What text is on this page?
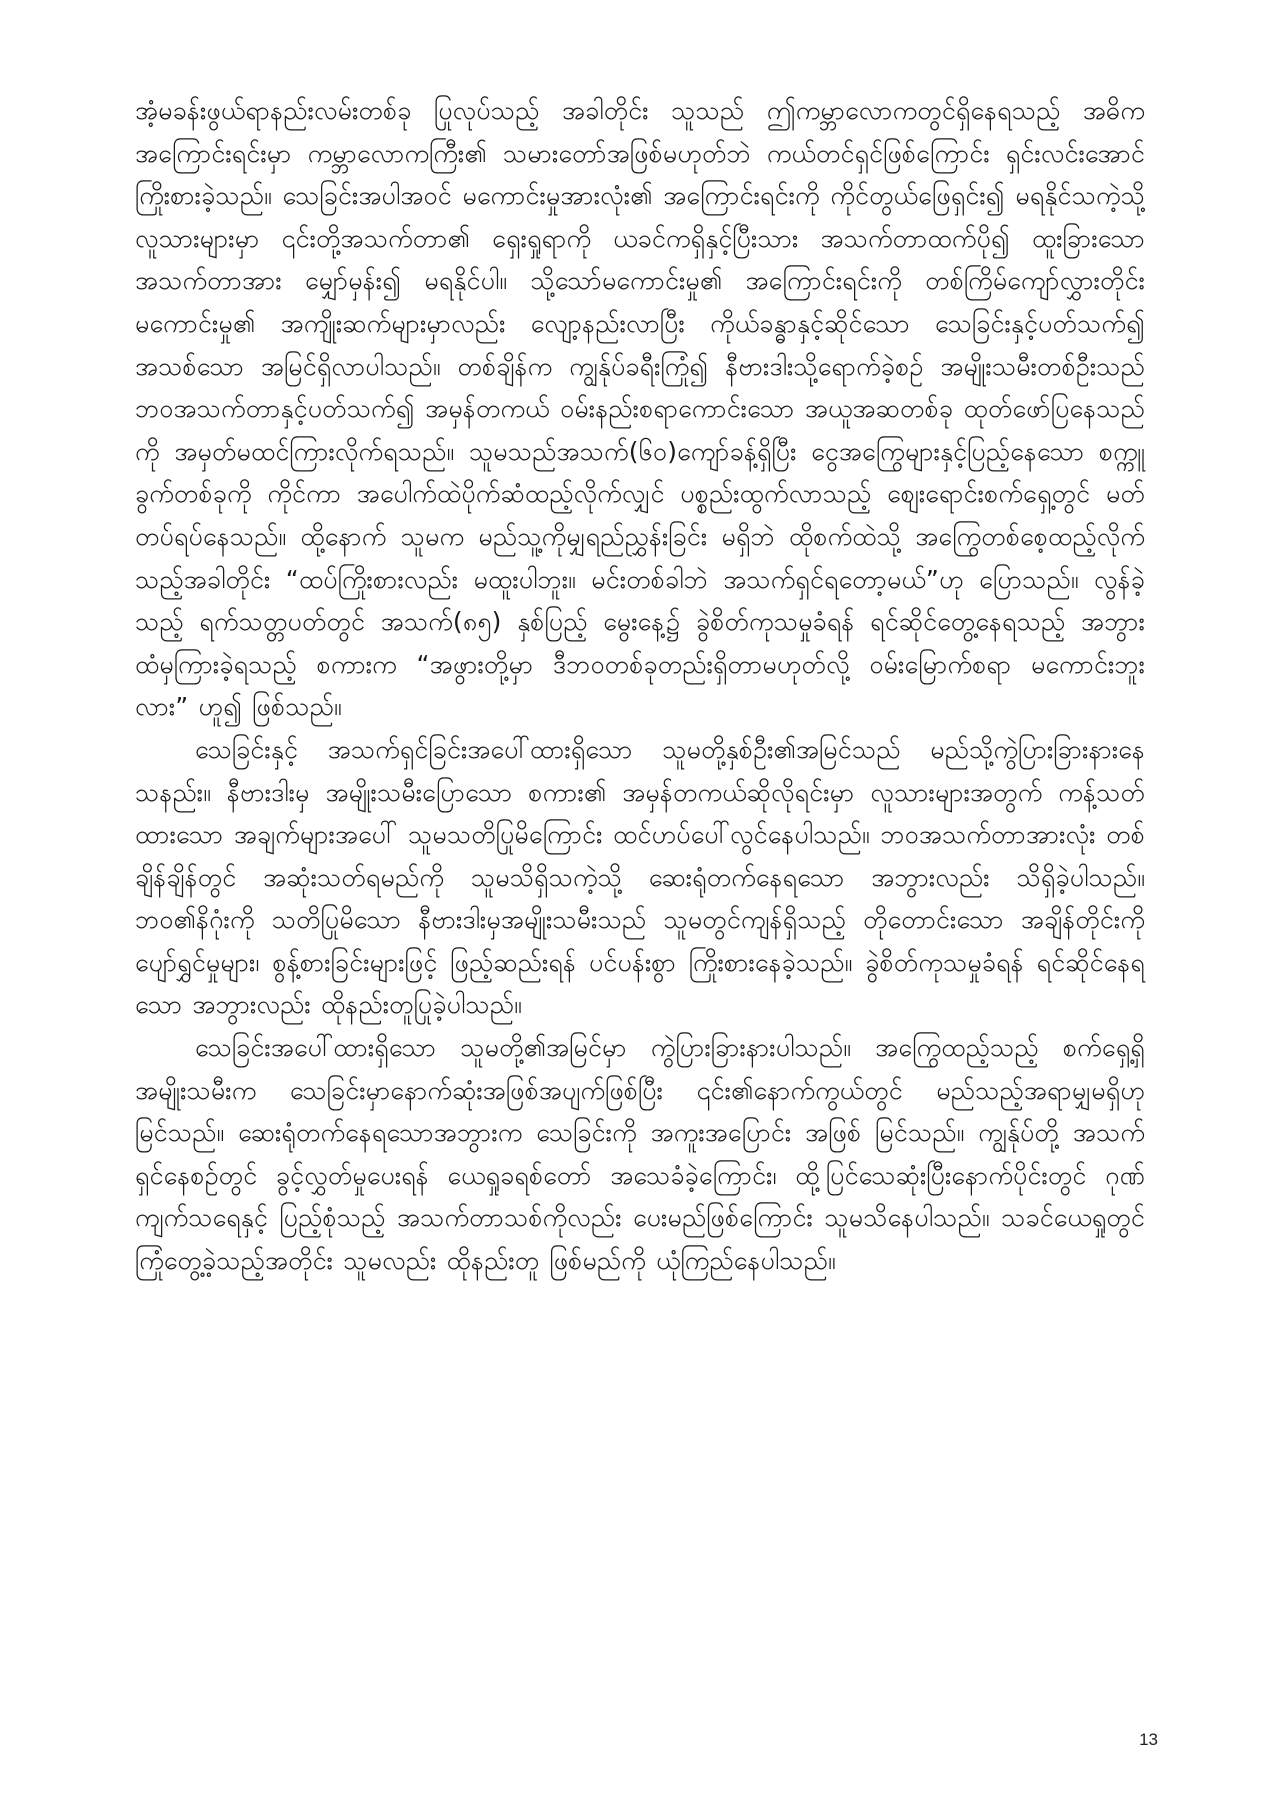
အံ့မခန်းဖွယ်ရာနည်းလမ်းတစ်ခု ပြုလုပ်သည့် အခါတိုင်း သူသည် ဤကမ္ဘာလောကတွင်ရှိနေရသည့် အဓိကအကြောင်းရင်းမှာ ကမ္ဘာလောကကြီး၏ သမားတော်အဖြစ်မဟုတ်ဘဲ ကယ်တင်ရှင်ဖြစ်ကြောင်း ရှင်းလင်းအောင် ကြိုးစားခဲ့သည်။ သေခြင်းအပါအဝင် မကောင်းမှုအားလုံး၏ အကြောင်းရင်းကို ကိုင်တွယ်ဖြေရှင်း၍ မရနိုင်သကဲ့သို့ လူသားများမှာ ၎င်းတို့အသက်တာ၏ ရှေးရှုရာကို ယခင်ကရှိနှင့်ပြီးသား အသက်တာထက်ပို၍ ထူးခြားသောအသက်တာအား မျှော်မှန်း၍ မရနိုင်ပါ။ သို့သော်မကောင်းမှု၏ အကြောင်းရင်းကို တစ်ကြိမ်ကျော်လွှားတိုင်း မကောင်းမှု၏ အကျိုးဆက်များမှာလည်း လျော့နည်းလာပြီး ကိုယ်ခန္ဓာနှင့်ဆိုင်သော သေခြင်းနှင့်ပတ်သက်၍ အသစ်သော အမြင်ရှိလာပါသည်။ တစ်ချိန်က ကျွန်ုပ်ခရီးကြုံ၍ နီဗားဒါးသို့ရောက်ခဲ့စဉ် အမျိုးသမီးတစ်ဦးသည် ဘဝအသက်တာနှင့်ပတ်သက်၍ အမှန်တကယ် ဝမ်းနည်းစရာကောင်းသော အယူအဆတစ်ခု ထုတ်ဖော်ပြနေသည်ကို အမှတ်မထင်ကြားလိုက်ရသည်။ သူမသည်အသက်(၆၀)ကျော်ခန့်ရှိပြီး ငွေအကြွေများနှင့်ပြည့်နေသော စက္ကူခွက်တစ်ခုကို ကိုင်ကာ အပေါက်ထဲပိုက်ဆံထည့်လိုက်လျှင် ပစ္စည်းထွက်လာသည့် စျေးရောင်းစက်ရှေ့တွင် မတ်တပ်ရပ်နေသည်။ ထို့နောက် သူမက မည်သူ့ကိုမျှရည်ညွှန်းခြင်း မရှိဘဲ ထိုစက်ထဲသို့ အကြွေတစ်စေ့ထည့်လိုက်သည့်အခါတိုင်း “ထပ်ကြိုးစားလည်း မထူးပါဘူး။ မင်းတစ်ခါဘဲ အသက်ရှင်ရတော့မယ်”ဟု ပြောသည်။ လွန်ခဲ့သည့် ရက်သတ္တပတ်တွင် အသက်(၈၅) နှစ်ပြည့် မွေးနေ့၌ ခွဲစိတ်ကုသမှုခံရန် ရင်ဆိုင်တွေ့နေရသည့် အဘွားထံမှကြားခဲ့ရသည့် စကားက “အဖွားတို့မှာ ဒီဘဝတစ်ခုတည်းရှိတာမဟုတ်လို့ ဝမ်းမြောက်စရာ မကောင်းဘူးလား” ဟူ၍ ဖြစ်သည်။

သေခြင်းနှင့် အသက်ရှင်ခြင်းအပေါ်ထားရှိသော သူမတို့နှစ်ဦး၏အမြင်သည် မည်သို့ကွဲပြားခြားနားနေသနည်း။ နီဗားဒါးမှ အမျိုးသမီးပြောသော စကား၏ အမှန်တကယ်ဆိုလိုရင်းမှာ လူသားများအတွက် ကန့်သတ်ထားသော အချက်များအပေါ် သူမသတိပြုမိကြောင်း ထင်ဟပ်ပေါ်လွင်နေပါသည်။ ဘဝအသက်တာအားလုံး တစ်ချိန်ချိန်တွင် အဆုံးသတ်ရမည်ကို သူမသိရှိသကဲ့သို့ ဆေးရုံတက်နေရသော အဘွားလည်း သိရှိခဲ့ပါသည်။ ဘဝ၏နိဂုံးကို သတိပြုမိသော နီဗားဒါးမှအမျိုးသမီးသည် သူမတွင်ကျန်ရှိသည့် တိုတောင်းသော အချိန်တိုင်းကို ပျော်ရွှင်မှုများ၊ စွန့်စားခြင်းများဖြင့် ဖြည့်ဆည်းရန် ပင်ပန်းစွာ ကြိုးစားနေခဲ့သည်။ ခွဲစိတ်ကုသမှုခံရန် ရင်ဆိုင်နေရသော အဘွားလည်း ထိုနည်းတူပြုခဲ့ပါသည်။

သေခြင်းအပေါ်ထားရှိသော သူမတို့၏အမြင်မှာ ကွဲပြားခြားနားပါသည်။ အကြွေထည့်သည့် စက်ရှေ့ရှိ အမျိုးသမီးက သေခြင်းမှာနောက်ဆုံးအဖြစ်အပျက်ဖြစ်ပြီး ၎င်း၏နောက်ကွယ်တွင် မည်သည့်အရာမျှမရှိဟု မြင်သည်။ ဆေးရုံတက်နေရသောအဘွားက သေခြင်းကို အကူးအပြောင်း အဖြစ် မြင်သည်။ ကျွန်ုပ်တို့ အသက်ရှင်နေစဉ်တွင် ခွင့်လွှတ်မှုပေးရန် ယေရှုခရစ်တော် အသေခံခဲ့ကြောင်း၊ ထို့ပြင်သေဆုံးပြီးနောက်ပိုင်းတွင် ဂုဏ်ကျက်သရေနှင့် ပြည့်စုံသည့် အသက်တာသစ်ကိုလည်း ပေးမည်ဖြစ်ကြောင်း သူမသိနေပါသည်။ သခင်ယေရှုတွင် ကြုံတွေ့ခဲ့သည့်အတိုင်း သူမလည်း ထိုနည်းတူ ဖြစ်မည်ကို ယုံကြည်နေပါသည်။

13
